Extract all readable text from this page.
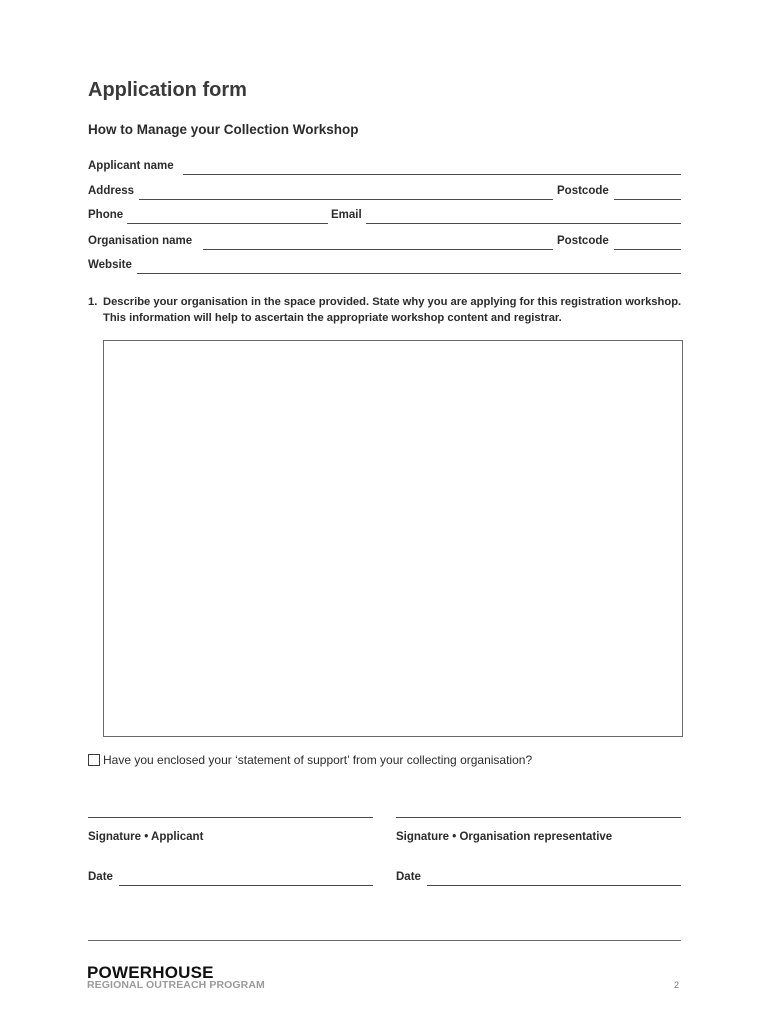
Application form
How to Manage your Collection Workshop
Applicant name
Address	Postcode
Phone	Email
Organisation name	Postcode
Website
1. Describe your organisation in the space provided. State why you are applying for this registration workshop. This information will help to ascertain the appropriate workshop content and registrar.
Have you enclosed your ‘statement of support’ from your collecting organisation?
Signature • Applicant	Signature • Organisation representative
Date	Date
POWERHOUSE
REGIONAL OUTREACH PROGRAM	2
